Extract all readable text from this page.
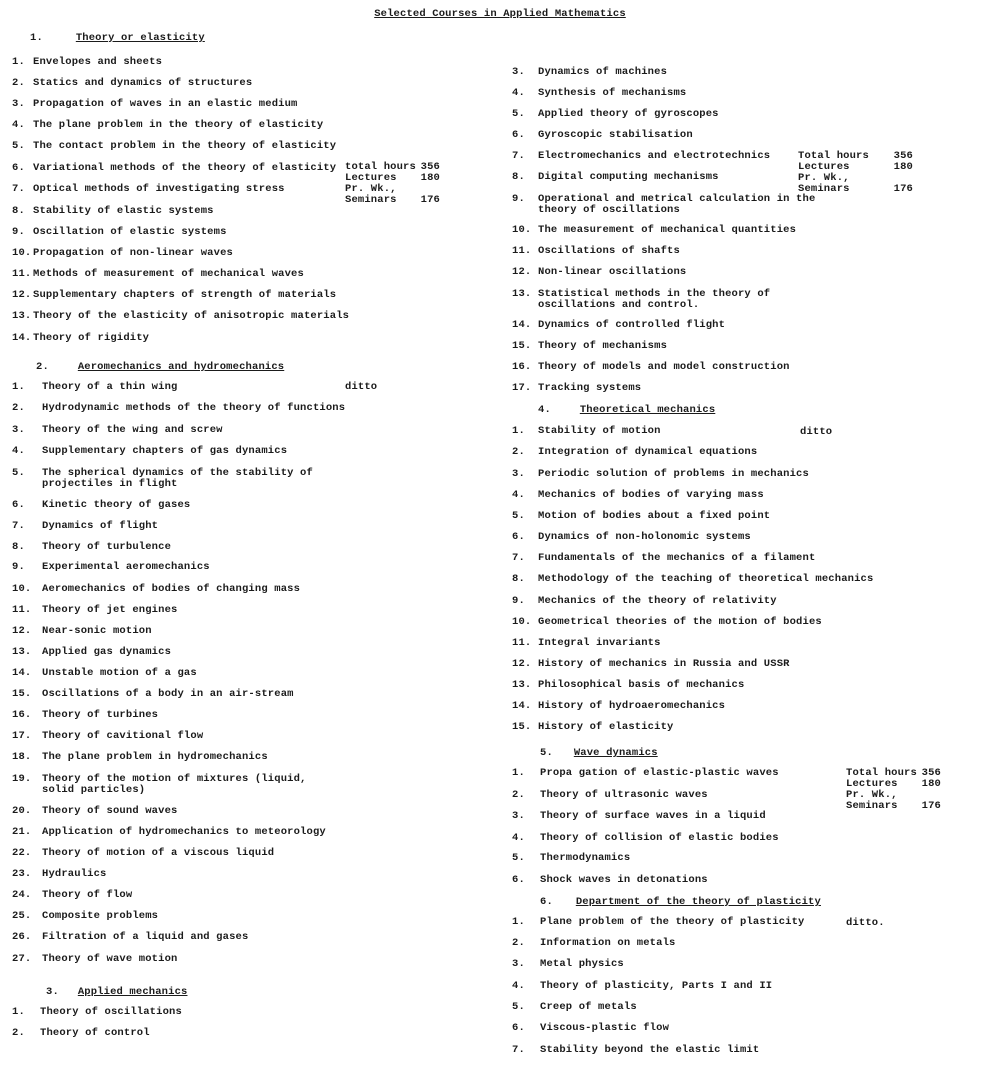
Selected Courses in Applied Mathematics
1.	Theory or elasticity
1. Envelopes and sheets
2. Statics and dynamics of structures
3. Propagation of waves in an elastic medium
4. The plane problem in the theory of elasticity
5. The contact problem in the theory of elasticity
6. Variational methods of the theory of elasticity
7. Optical methods of investigating stress
8. Stability of elastic systems
9. Oscillation of elastic systems
10. Propagation of non-linear waves
11. Methods of measurement of mechanical waves
12. Supplementary chapters of strength of materials
13. Theory of the elasticity of anisotropic materials
14. Theory of rigidity
total hours 356
Lectures 180
Pr. Wk.,
Seminars 176
2.	Aeromechanics and hydromechanics
ditto
1. Theory of a thin wing
2. Hydrodynamic methods of the theory of functions
3. Theory of the wing and screw
4. Supplementary chapters of gas dynamics
5. The spherical dynamics of the stability of
projectiles in flight
6. Kinetic theory of gases
7. Dynamics of flight
8. Theory of turbulence
9. Experimental aeromechanics
10. Aeromechanics of bodies of changing mass
11. Theory of jet engines
12. Near-sonic motion
13. Applied gas dynamics
14. Unstable motion of a gas
15. Oscillations of a body in an air-stream
16. Theory of turbines
17. Theory of cavitional flow
18. The plane problem in hydromechanics
19. Theory of the motion of mixtures (liquid,
solid particles)
20. Theory of sound waves
21. Application of hydromechanics to meteorology
22. Theory of motion of a viscous liquid
23. Hydraulics
24. Theory of flow
25. Composite problems
26. Filtration of a liquid and gases
27. Theory of wave motion
3. Applied mechanics
1. Theory of oscillations
2. Theory of control
3. Dynamics of machines
4. Synthesis of mechanisms
5. Applied theory of gyroscopes
6. Gyroscopic stabilisation
7. Electromechanics and electrotechnics
8. Digital computing mechanisms
9. Operational and metrical calculation in the
theory of oscillations
10. The measurement of mechanical quantities
11. Oscillations of shafts
12. Non-linear oscillations
13. Statistical methods in the theory of
oscillations and control.
14. Dynamics of controlled flight
15. Theory of mechanisms
16. Theory of models and model construction
17. Tracking systems
Total hours 356
Lectures	180
Pr. Wk.,
Seminars	176
4.	Theoretical mechanics
ditto
1. Stability of motion
2. Integration of dynamical equations
3. Periodic solution of problems in mechanics
4. Mechanics of bodies of varying mass
5. Motion of bodies about a fixed point
6. Dynamics of non-holonomic systems
7. Fundamentals of the mechanics of a filament
8. Methodology of the teaching of theoretical mechanics
9. Mechanics of the theory of relativity
10. Geometrical theories of the motion of bodies
11. Integral invariants
12. History of mechanics in Russia and USSR
13. Philosophical basis of mechanics
14. History of hydroaeromechanics
15. History of elasticity
5. Wave dynamics
1. Propa gation of elastic-plastic waves
2. Theory of ultrasonic waves
3. Theory of surface waves in a liquid
4. Theory of collision of elastic bodies
5. Thermodynamics
6. Shock waves in detonations
Total hours 356
Lectures 180
Pr. Wk.,
Seminars 176
6. Department of the theory of plasticity
ditto.
1. Plane problem of the theory of plasticity
2. Information on metals
3. Metal physics
4. Theory of plasticity, Parts I and II
5. Creep of metals
6. Viscous-plastic flow
7. Stability beyond the elastic limit
